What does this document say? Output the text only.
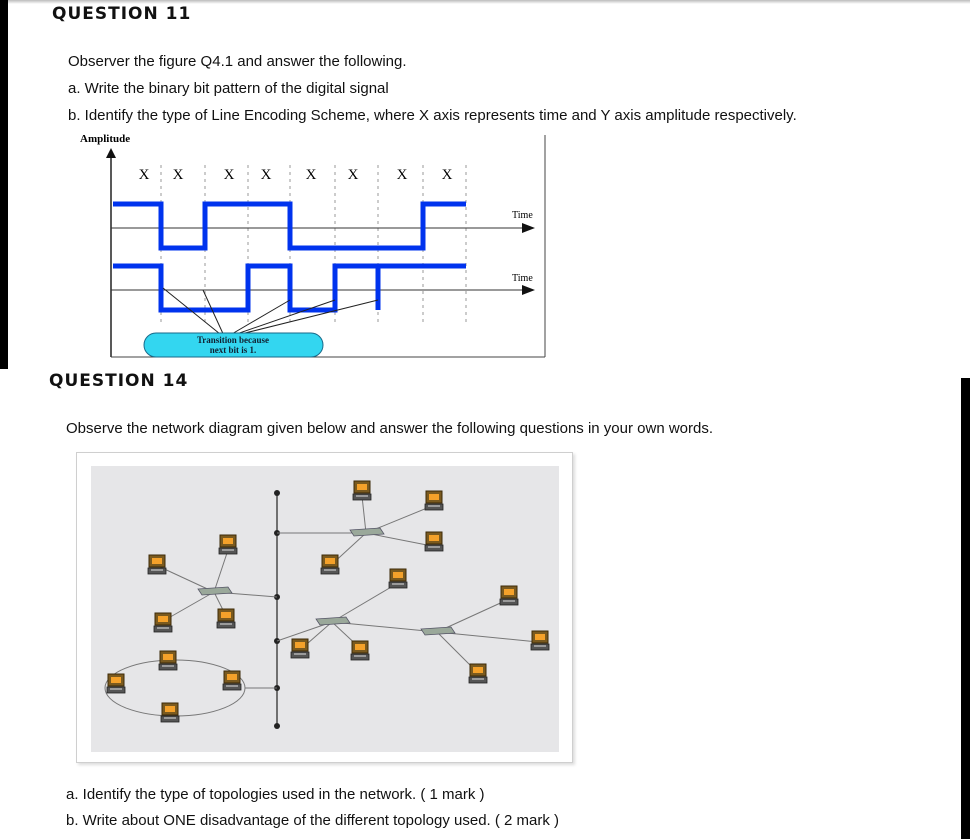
QUESTION 11
Observer the figure Q4.1 and answer the following.
a. Write the binary bit pattern of the digital signal
b. Identify the type of Line Encoding Scheme, where X axis represents time and Y axis amplitude respectively.
Amplitude
X X	X X X X	X X
Time
Time
Transition because
next bit is 1.
QUESTION 14
Observe the network diagram given below and answer the following questions in your own words.
a. Identify the type of topologies used in the network. ( 1 mark )
b. Write about ONE disadvantage of the different topology used. ( 2 mark )
